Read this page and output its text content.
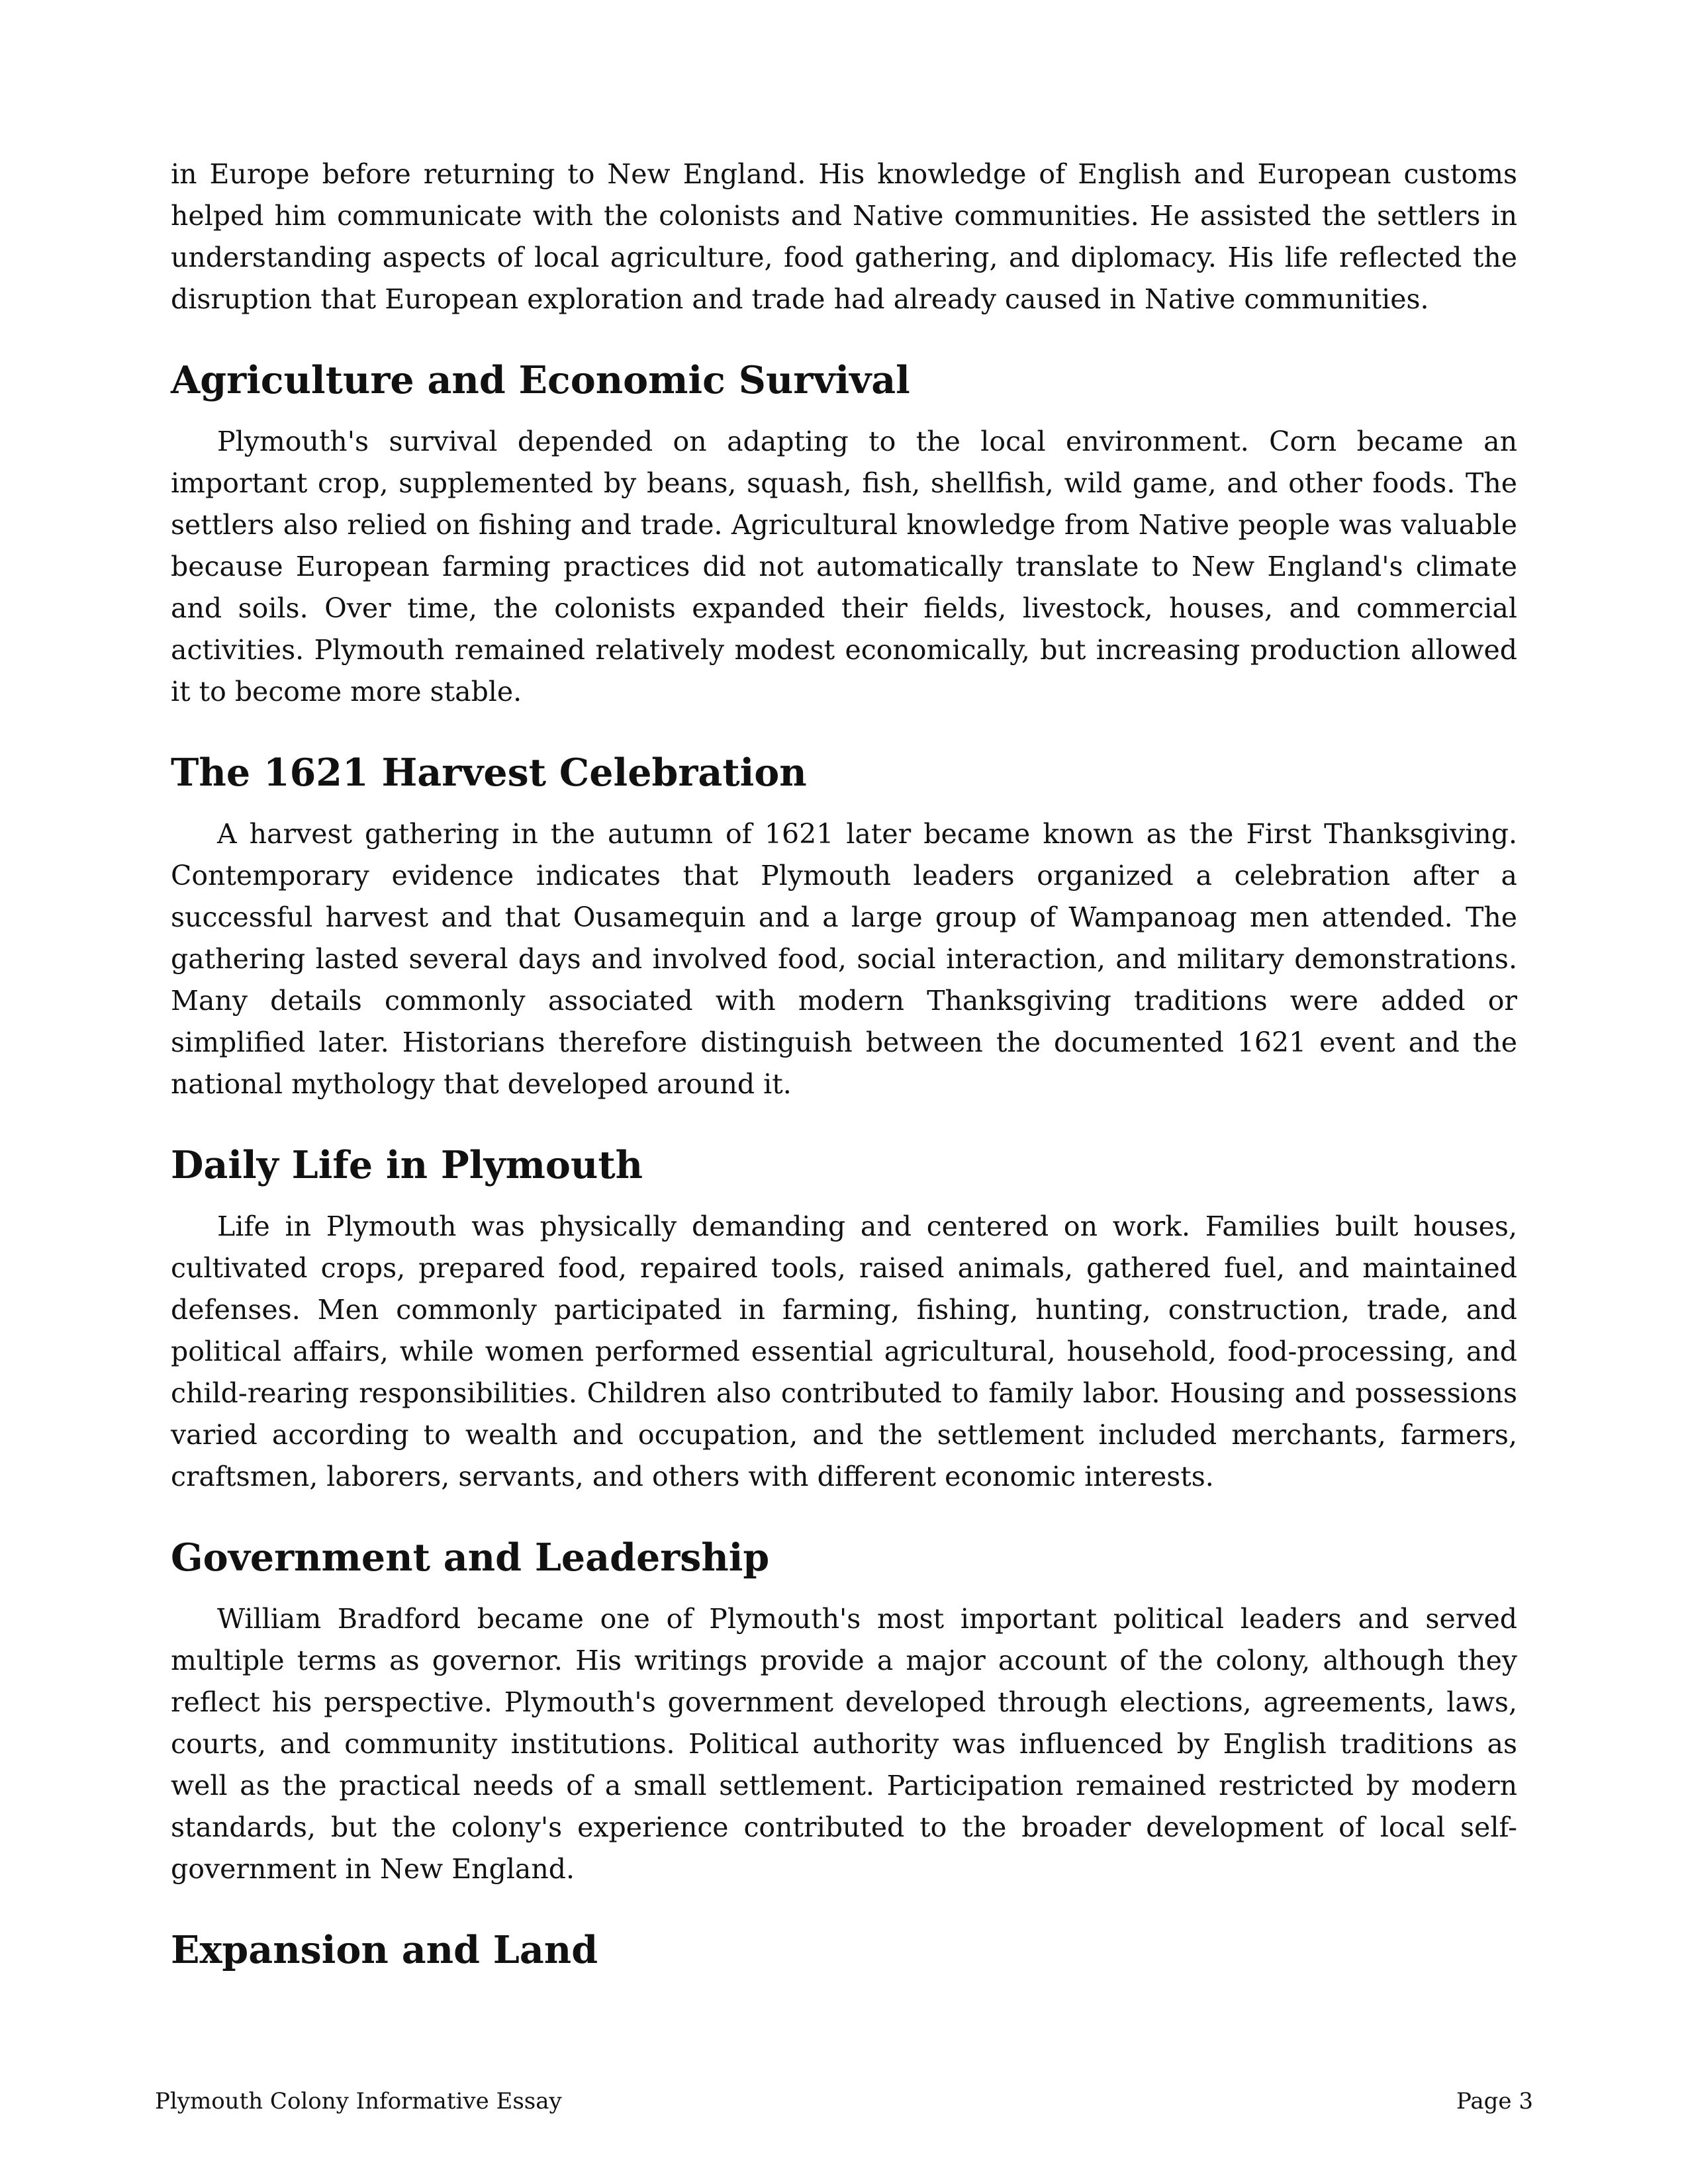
in Europe before returning to New England. His knowledge of English and European customs helped him communicate with the colonists and Native communities. He assisted the settlers in understanding aspects of local agriculture, food gathering, and diplomacy. His life reflected the disruption that European exploration and trade had already caused in Native communities.

Agriculture and Economic Survival

Plymouth's survival depended on adapting to the local environment. Corn became an important crop, supplemented by beans, squash, fish, shellfish, wild game, and other foods. The settlers also relied on fishing and trade. Agricultural knowledge from Native people was valuable because European farming practices did not automatically translate to New England's climate and soils. Over time, the colonists expanded their fields, livestock, houses, and commercial activities. Plymouth remained relatively modest economically, but increasing production allowed it to become more stable.

The 1621 Harvest Celebration

A harvest gathering in the autumn of 1621 later became known as the First Thanksgiving. Contemporary evidence indicates that Plymouth leaders organized a celebration after a successful harvest and that Ousamequin and a large group of Wampanoag men attended. The gathering lasted several days and involved food, social interaction, and military demonstrations. Many details commonly associated with modern Thanksgiving traditions were added or simplified later. Historians therefore distinguish between the documented 1621 event and the national mythology that developed around it.

Daily Life in Plymouth

Life in Plymouth was physically demanding and centered on work. Families built houses, cultivated crops, prepared food, repaired tools, raised animals, gathered fuel, and maintained defenses. Men commonly participated in farming, fishing, hunting, construction, trade, and political affairs, while women performed essential agricultural, household, food-processing, and child-rearing responsibilities. Children also contributed to family labor. Housing and possessions varied according to wealth and occupation, and the settlement included merchants, farmers, craftsmen, laborers, servants, and others with different economic interests.

Government and Leadership

William Bradford became one of Plymouth's most important political leaders and served multiple terms as governor. His writings provide a major account of the colony, although they reflect his perspective. Plymouth's government developed through elections, agreements, laws, courts, and community institutions. Political authority was influenced by English traditions as well as the practical needs of a small settlement. Participation remained restricted by modern standards, but the colony's experience contributed to the broader development of local self-government in New England.

Expansion and Land
Plymouth Colony Informative Essay	Page 3
